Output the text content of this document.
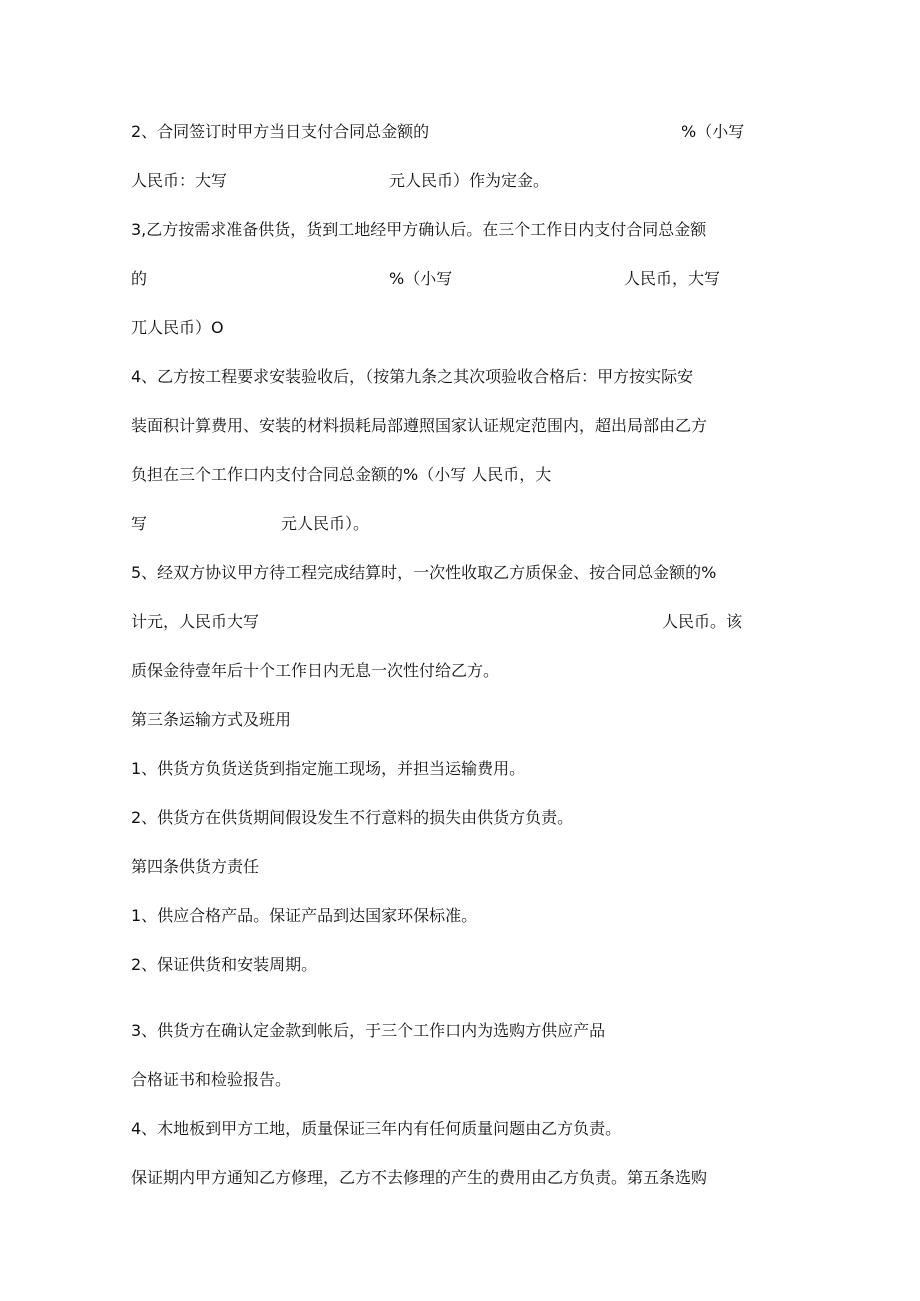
2、合同签订时甲方当日支付合同总金额的	%（小写
人民币：大写	元人民币）作为定金。
3,乙方按需求准备供货，货到工地经甲方确认后。在三个工作日内支付合同总金额
的	%（小写	人民币，大写
兀人民币）O
4、乙方按工程要求安装验收后，（按第九条之其次项验收合格后：甲方按实际安
装面积计算费用、安装的材料损耗局部遵照国家认证规定范围内，超出局部由乙方
负担在三个工作口内支付合同总金额的%（小写 人民币，大
写	元人民币）。
5、经双方协议甲方待工程完成结算时，一次性收取乙方质保金、按合同总金额的%
计元，人民币大写	人民币。该
质保金待壹年后十个工作日内无息一次性付给乙方。
第三条运输方式及班用
1、供货方负货送货到指定施工现场，并担当运输费用。
2、供货方在供货期间假设发生不行意料的损失由供货方负责。
第四条供货方责任
1、供应合格产品。保证产品到达国家环保标准。
2、保证供货和安装周期。
3、供货方在确认定金款到帐后，于三个工作口内为选购方供应产品
合格证书和检验报告。
4、木地板到甲方工地，质量保证三年内有任何质量问题由乙方负责。
保证期内甲方通知乙方修理，乙方不去修理的产生的费用由乙方负责。第五条选购
